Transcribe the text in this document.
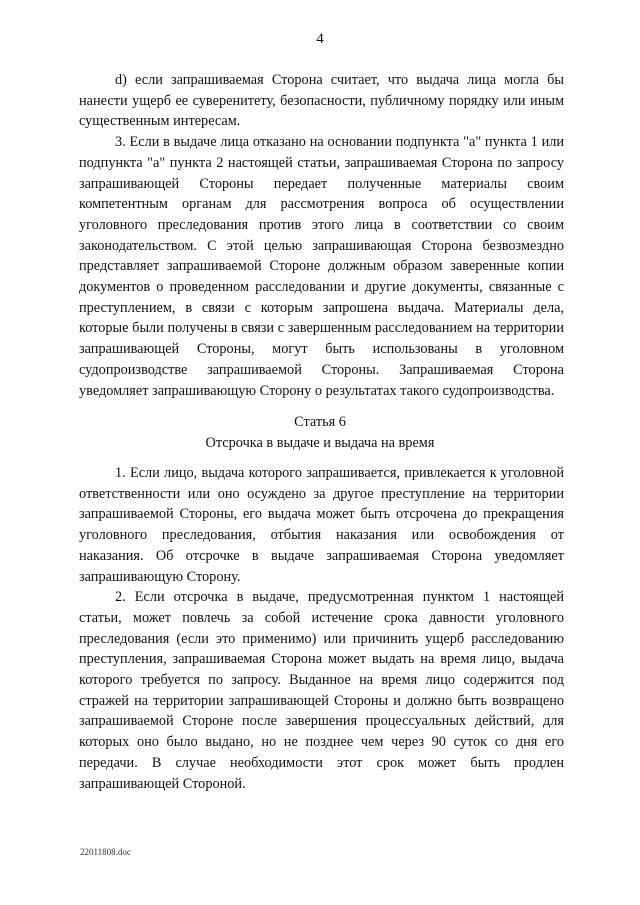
4

d) если запрашиваемая Сторона считает, что выдача лица могла бы нанести ущерб ее суверенитету, безопасности, публичному порядку или иным существенным интересам.

3. Если в выдаче лица отказано на основании подпункта "а" пункта 1 или подпункта "а" пункта 2 настоящей статьи, запрашиваемая Сторона по запросу запрашивающей Стороны передает полученные материалы своим компетентным органам для рассмотрения вопроса об осуществлении уголовного преследования против этого лица в соответствии со своим законодательством. С этой целью запрашивающая Сторона безвозмездно представляет запрашиваемой Стороне должным образом заверенные копии документов о проведенном расследовании и другие документы, связанные с преступлением, в связи с которым запрошена выдача. Материалы дела, которые были получены в связи с завершенным расследованием на территории запрашивающей Стороны, могут быть использованы в уголовном судопроизводстве запрашиваемой Стороны. Запрашиваемая Сторона уведомляет запрашивающую Сторону о результатах такого судопроизводства.

Статья 6
Отсрочка в выдаче и выдача на время

1. Если лицо, выдача которого запрашивается, привлекается к уголовной ответственности или оно осуждено за другое преступление на территории запрашиваемой Стороны, его выдача может быть отсрочена до прекращения уголовного преследования, отбытия наказания или освобождения от наказания. Об отсрочке в выдаче запрашиваемая Сторона уведомляет запрашивающую Сторону.

2. Если отсрочка в выдаче, предусмотренная пунктом 1 настоящей статьи, может повлечь за собой истечение срока давности уголовного преследования (если это применимо) или причинить ущерб расследованию преступления, запрашиваемая Сторона может выдать на время лицо, выдача которого требуется по запросу. Выданное на время лицо содержится под стражей на территории запрашивающей Стороны и должно быть возвращено запрашиваемой Стороне после завершения процессуальных действий, для которых оно было выдано, но не позднее чем через 90 суток со дня его передачи. В случае необходимости этот срок может быть продлен запрашивающей Стороной.

22011808.doc
